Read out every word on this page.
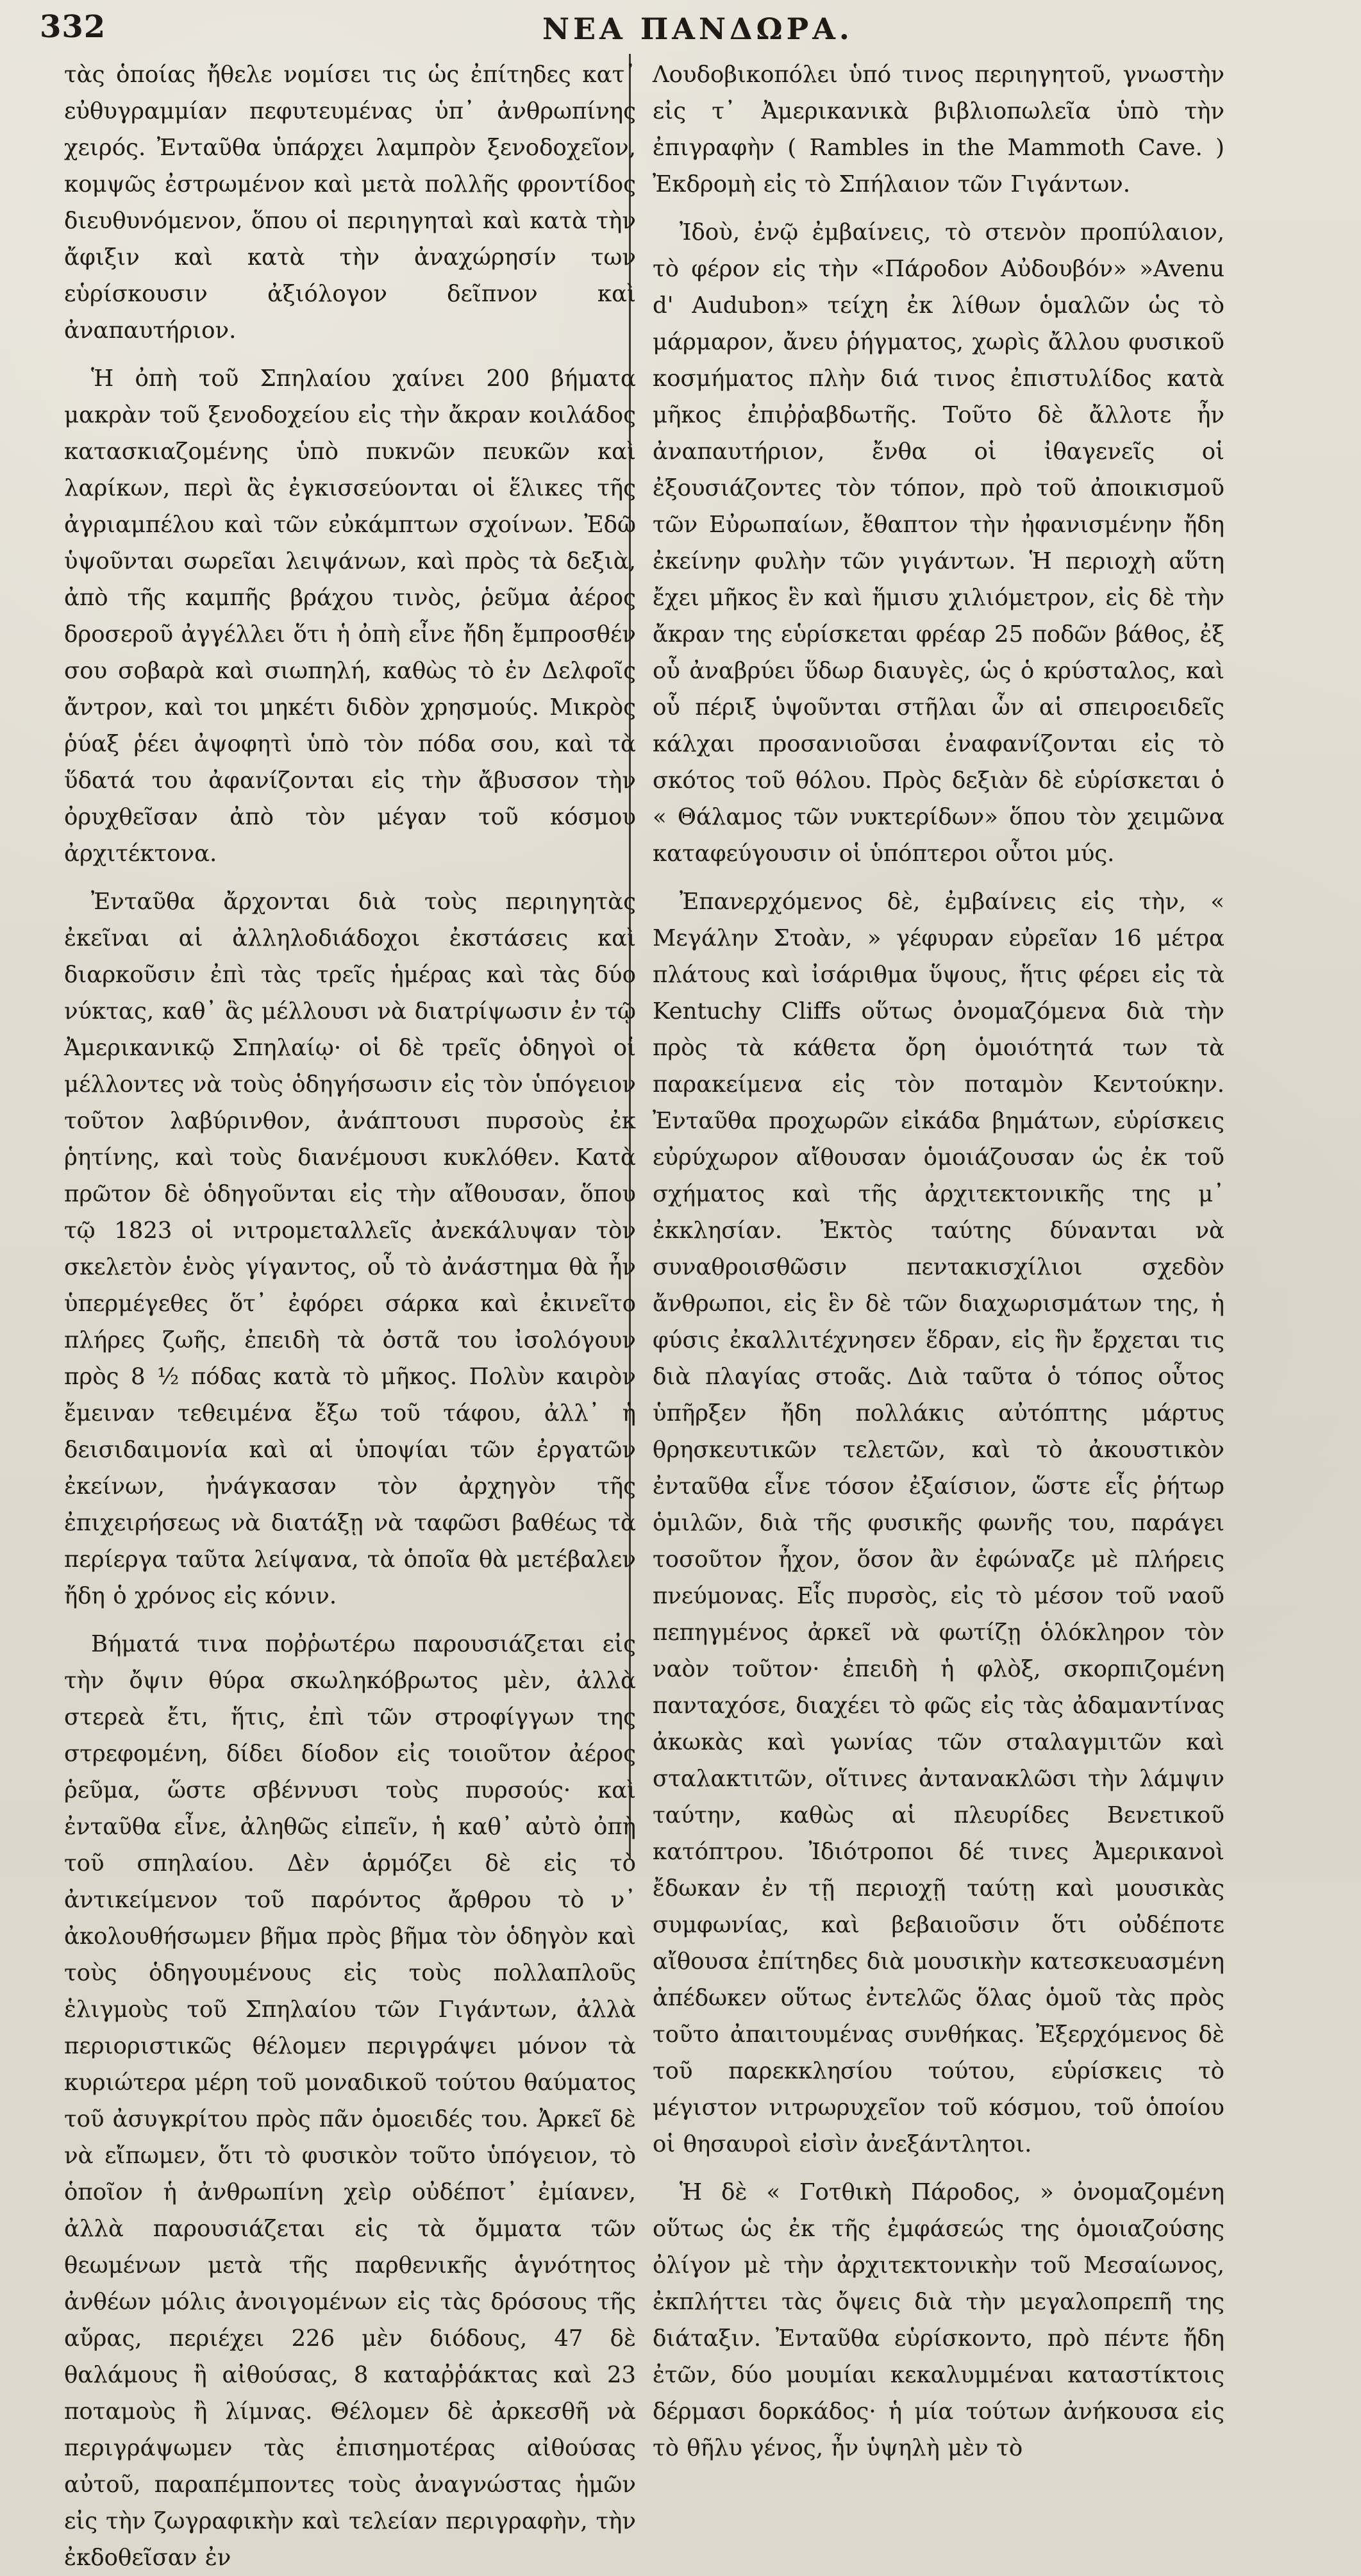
332	ΝΕΑ ΠΑΝΔΩΡΑ.

τὰς ὁποίας ἤθελε νομίσει τις ὡς ἐπίτηδες κατ᾽ εὐθυγραμμίαν πεφυτευμένας ὑπ᾽ ἀνθρωπίνης χειρός. Ἐνταῦθα ὑπάρχει λαμπρὸν ξενοδοχεῖον, κομψῶς ἐστρωμένον καὶ μετὰ πολλῆς φροντίδος διευθυνόμενον, ὅπου οἱ περιηγηταὶ καὶ κατὰ τὴν ἄφιξιν καὶ κατὰ τὴν ἀναχώρησίν των εὑρίσκουσιν ἀξιόλογον δεῖπνον καὶ ἀναπαυτήριον.

Ἡ ὀπὴ τοῦ Σπηλαίου χαίνει 200 βήματα μακρὰν τοῦ ξενοδοχείου εἰς τὴν ἄκραν κοιλάδος κατασκιαζομένης ὑπὸ πυκνῶν πευκῶν καὶ λαρίκων, περὶ ἃς ἐγκισσεύονται οἱ ἕλικες τῆς ἀγριαμπέλου καὶ τῶν εὐκάμπτων σχοίνων. Ἐδῶ ὑψοῦνται σωρεῖαι λειψάνων, καὶ πρὸς τὰ δεξιὰ, ἀπὸ τῆς καμπῆς βράχου τινὸς, ῥεῦμα ἀέρος δροσεροῦ ἀγγέλλει ὅτι ἡ ὀπὴ εἶνε ἤδη ἔμπροσθέν σου σοβαρὰ καὶ σιωπηλή, καθὼς τὸ ἐν Δελφοῖς ἄντρον, καὶ τοι μηκέτι διδὸν χρησμούς. Μικρὸς ῥύαξ ῥέει ἀψοφητὶ ὑπὸ τὸν πόδα σου, καὶ τὰ ὕδατά του ἀφανίζονται εἰς τὴν ἄβυσσον τὴν ὀρυχθεῖσαν ἀπὸ τὸν μέγαν τοῦ κόσμου ἀρχιτέκτονα.

Ἐνταῦθα ἄρχονται διὰ τοὺς περιηγητὰς ἐκεῖναι αἱ ἀλληλοδιάδοχοι ἐκστάσεις καὶ διαρκοῦσιν ἐπὶ τὰς τρεῖς ἡμέρας καὶ τὰς δύο νύκτας, καθ᾽ ἃς μέλλουσι νὰ διατρίψωσιν ἐν τῷ Ἀμερικανικῷ Σπηλαίῳ· οἱ δὲ τρεῖς ὁδηγοὶ οἱ μέλλοντες νὰ τοὺς ὁδηγήσωσιν εἰς τὸν ὑπόγειον τοῦτον λαβύρινθον, ἀνάπτουσι πυρσοὺς ἐκ ῥητίνης, καὶ τοὺς διανέμουσι κυκλόθεν. Κατὰ πρῶτον δὲ ὁδηγοῦνται εἰς τὴν αἴθουσαν, ὅπου τῷ 1823 οἱ νιτρομεταλλεῖς ἀνεκάλυψαν τὸν σκελετὸν ἑνὸς γίγαντος, οὗ τὸ ἀνάστημα θὰ ἦν ὑπερμέγεθες ὅτ᾽ ἐφόρει σάρκα καὶ ἐκινεῖτο πλήρες ζωῆς, ἐπειδὴ τὰ ὀστᾶ του ἰσολόγουν πρὸς 8 ½ πόδας κατὰ τὸ μῆκος. Πολὺν καιρὸν ἔμειναν τεθειμένα ἔξω τοῦ τάφου, ἀλλ᾽ ἡ δεισιδαιμονία καὶ αἱ ὑποψίαι τῶν ἐργατῶν ἐκείνων, ἠνάγκασαν τὸν ἀρχηγὸν τῆς ἐπιχειρήσεως νὰ διατάξῃ νὰ ταφῶσι βαθέως τὰ περίεργα ταῦτα λείψανα, τὰ ὁποῖα θὰ μετέβαλεν ἤδη ὁ χρόνος εἰς κόνιν.

Βήματά τινα ποῤῥωτέρω παρουσιάζεται εἰς τὴν ὄψιν θύρα σκωληκόβρωτος μὲν, ἀλλὰ στερεὰ ἔτι, ἥτις, ἐπὶ τῶν στροφίγγων της στρεφομένη, δίδει δίοδον εἰς τοιοῦτον ἀέρος ῥεῦμα, ὥστε σβέννυσι τοὺς πυρσούς· καὶ ἐνταῦθα εἶνε, ἀληθῶς εἰπεῖν, ἡ καθ᾽ αὐτὸ ὀπὴ τοῦ σπηλαίου. Δὲν ἁρμόζει δὲ εἰς τὸ ἀντικείμενον τοῦ παρόντος ἄρθρου τὸ ν᾽ ἀκολουθήσωμεν βῆμα πρὸς βῆμα τὸν ὁδηγὸν καὶ τοὺς ὁδηγουμένους εἰς τοὺς πολλαπλοῦς ἑλιγμοὺς τοῦ Σπηλαίου τῶν Γιγάντων, ἀλλὰ περιοριστικῶς θέλομεν περιγράψει μόνον τὰ κυριώτερα μέρη τοῦ μοναδικοῦ τούτου θαύματος τοῦ ἀσυγκρίτου πρὸς πᾶν ὁμοειδές του. Ἀρκεῖ δὲ νὰ εἴπωμεν, ὅτι τὸ φυσικὸν τοῦτο ὑπόγειον, τὸ ὁποῖον ἡ ἀνθρωπίνη χεὶρ οὐδέποτ᾽ ἐμίανεν, ἀλλὰ παρουσιάζεται εἰς τὰ ὄμματα τῶν θεωμένων μετὰ τῆς παρθενικῆς ἁγνότητος ἀνθέων μόλις ἀνοιγομένων εἰς τὰς δρόσους τῆς αὔρας, περιέχει 226 μὲν διόδους, 47 δὲ θαλάμους ἢ αἰθούσας, 8 καταῤῥάκτας καὶ 23 ποταμοὺς ἢ λίμνας. Θέλομεν δὲ ἀρκεσθῆ νὰ περιγράψωμεν τὰς ἐπισημοτέρας αἰθούσας αὐτοῦ, παραπέμποντες τοὺς ἀναγνώστας ἡμῶν εἰς τὴν ζωγραφικὴν καὶ τελείαν περιγραφὴν, τὴν ἐκδοθεῖσαν ἐν

Λουδοβικοπόλει ὑπό τινος περιηγητοῦ, γνωστὴν εἰς τ᾽ Ἀμερικανικὰ βιβλιοπωλεῖα ὑπὸ τὴν ἐπιγραφὴν ( Rambles in the Mammoth Cave. ) Ἐκδρομὴ εἰς τὸ Σπήλαιον τῶν Γιγάντων.

Ἰδοὺ, ἐνῷ ἐμβαίνεις, τὸ στενὸν προπύλαιον, τὸ φέρον εἰς τὴν «Πάροδον Αὐδουβόν» »Avenu d' Audubon» τείχη ἐκ λίθων ὁμαλῶν ὡς τὸ μάρμαρον, ἄνευ ῥήγματος, χωρὶς ἄλλου φυσικοῦ κοσμήματος πλὴν διά τινος ἐπιστυλίδος κατὰ μῆκος ἐπιῤῥαβδωτῆς. Τοῦτο δὲ ἄλλοτε ἦν ἀναπαυτήριον, ἔνθα οἱ ἰθαγενεῖς οἱ ἐξουσιάζοντες τὸν τόπον, πρὸ τοῦ ἀποικισμοῦ τῶν Εὐρωπαίων, ἔθαπτον τὴν ἠφανισμένην ἤδη ἐκείνην φυλὴν τῶν γιγάντων. Ἡ περιοχὴ αὕτη ἔχει μῆκος ἓν καὶ ἥμισυ χιλιόμετρον, εἰς δὲ τὴν ἄκραν της εὑρίσκεται φρέαρ 25 ποδῶν βάθος, ἐξ οὗ ἀναβρύει ὕδωρ διαυγὲς, ὡς ὁ κρύσταλος, καὶ οὗ πέριξ ὑψοῦνται στῆλαι ὧν αἱ σπειροειδεῖς κάλχαι προσανιοῦσαι ἐναφανίζονται εἰς τὸ σκότος τοῦ θόλου. Πρὸς δεξιὰν δὲ εὑρίσκεται ὁ « Θάλαμος τῶν νυκτερίδων» ὅπου τὸν χειμῶνα καταφεύγουσιν οἱ ὑπόπτεροι οὗτοι μύς.

Ἐπανερχόμενος δὲ, ἐμβαίνεις εἰς τὴν, « Μεγάλην Στοὰν, » γέφυραν εὐρεῖαν 16 μέτρα πλάτους καὶ ἰσάριθμα ὕψους, ἥτις φέρει εἰς τὰ Kentuchy Cliffs οὕτως ὀνομαζόμενα διὰ τὴν πρὸς τὰ κάθετα ὄρη ὁμοιότητά των τὰ παρακείμενα εἰς τὸν ποταμὸν Κεντούκην. Ἐνταῦθα προχωρῶν εἰκάδα βημάτων, εὑρίσκεις εὐρύχωρον αἴθουσαν ὁμοιάζουσαν ὡς ἐκ τοῦ σχήματος καὶ τῆς ἀρχιτεκτονικῆς της μ᾽ ἐκκλησίαν. Ἐκτὸς ταύτης δύνανται νὰ συναθροισθῶσιν πεντακισχίλιοι σχεδὸν ἄνθρωποι, εἰς ἓν δὲ τῶν διαχωρισμάτων της, ἡ φύσις ἐκαλλιτέχνησεν ἕδραν, εἰς ἣν ἔρχεται τις διὰ πλαγίας στοᾶς. Διὰ ταῦτα ὁ τόπος οὗτος ὑπῆρξεν ἤδη πολλάκις αὐτόπτης μάρτυς θρησκευτικῶν τελετῶν, καὶ τὸ ἀκουστικὸν ἐνταῦθα εἶνε τόσον ἐξαίσιον, ὥστε εἷς ῥήτωρ ὁμιλῶν, διὰ τῆς φυσικῆς φωνῆς του, παράγει τοσοῦτον ἦχον, ὅσον ἂν ἐφώναζε μὲ πλήρεις πνεύμονας. Εἷς πυρσὸς, εἰς τὸ μέσον τοῦ ναοῦ πεπηγμένος ἀρκεῖ νὰ φωτίζῃ ὁλόκληρον τὸν ναὸν τοῦτον· ἐπειδὴ ἡ φλὸξ, σκορπιζομένη πανταχόσε, διαχέει τὸ φῶς εἰς τὰς ἀδαμαντίνας ἀκωκὰς καὶ γωνίας τῶν σταλαγμιτῶν καὶ σταλακτιτῶν, οἵτινες ἀντανακλῶσι τὴν λάμψιν ταύτην, καθὼς αἱ πλευρίδες Βενετικοῦ κατόπτρου. Ἰδιότροποι δέ τινες Ἀμερικανοὶ ἔδωκαν ἐν τῇ περιοχῇ ταύτῃ καὶ μουσικὰς συμφωνίας, καὶ βεβαιοῦσιν ὅτι οὐδέποτε αἴθουσα ἐπίτηδες διὰ μουσικὴν κατεσκευασμένη ἀπέδωκεν οὕτως ἐντελῶς ὅλας ὁμοῦ τὰς πρὸς τοῦτο ἀπαιτουμένας συνθήκας. Ἐξερχόμενος δὲ τοῦ παρεκκλησίου τούτου, εὑρίσκεις τὸ μέγιστον νιτρωρυχεῖον τοῦ κόσμου, τοῦ ὁποίου οἱ θησαυροὶ εἰσὶν ἀνεξάντλητοι.

Ἡ δὲ « Γοτθικὴ Πάροδος, » ὀνομαζομένη οὕτως ὡς ἐκ τῆς ἐμφάσεώς της ὁμοιαζούσης ὀλίγον μὲ τὴν ἀρχιτεκτονικὴν τοῦ Μεσαίωνος, ἐκπλήττει τὰς ὄψεις διὰ τὴν μεγαλοπρεπῆ της διάταξιν. Ἐνταῦθα εὑρίσκοντο, πρὸ πέντε ἤδη ἐτῶν, δύο μουμίαι κεκαλυμμέναι καταστίκτοις δέρμασι δορκάδος· ἡ μία τούτων ἀνήκουσα εἰς τὸ θῆλυ γένος, ἦν ὑψηλὴ μὲν τὸ
